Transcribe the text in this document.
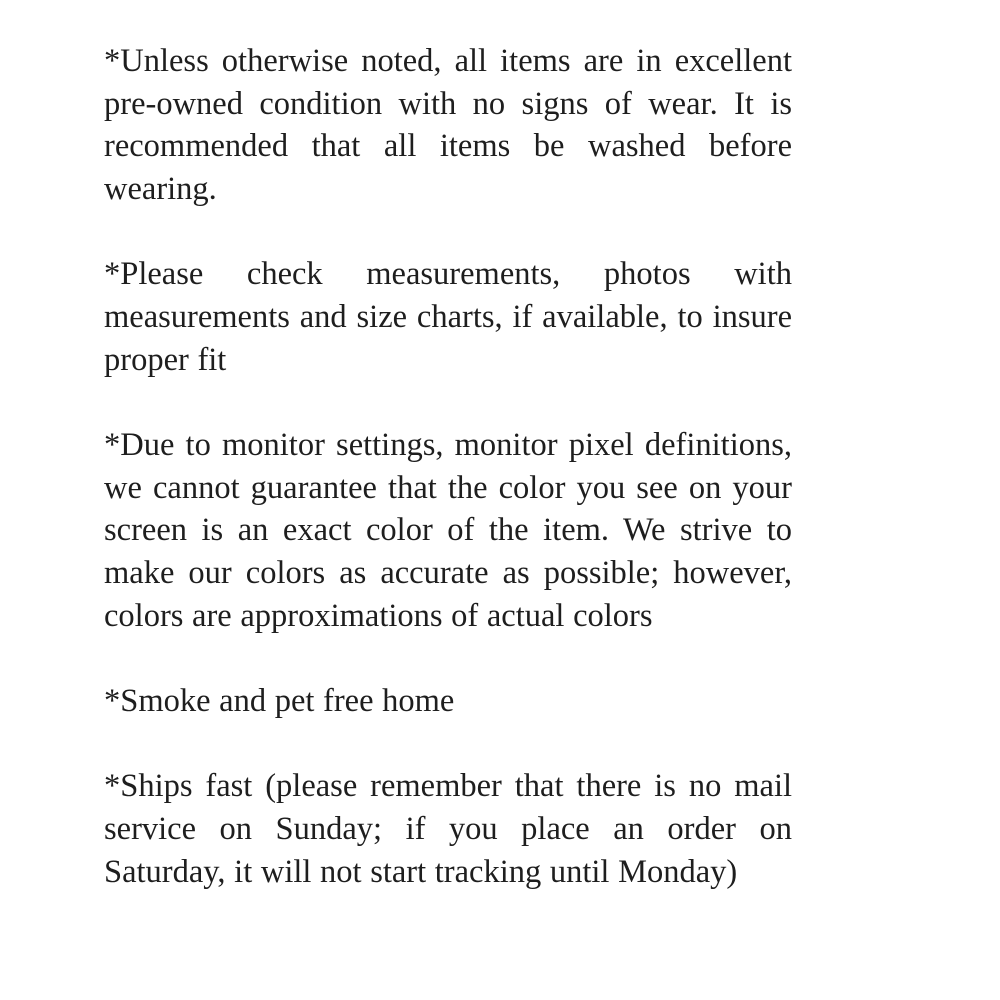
*Unless otherwise noted, all items are in excellent pre-owned condition with no signs of wear. It is recommended that all items be washed before wearing.

*Please check measurements, photos with measurements and size charts, if available, to insure proper fit

*Due to monitor settings, monitor pixel definitions, we cannot guarantee that the color you see on your screen is an exact color of the item. We strive to make our colors as accurate as possible; however, colors are approximations of actual colors

*Smoke and pet free home

*Ships fast (please remember that there is no mail service on Sunday; if you place an order on Saturday, it will not start tracking until Monday)
